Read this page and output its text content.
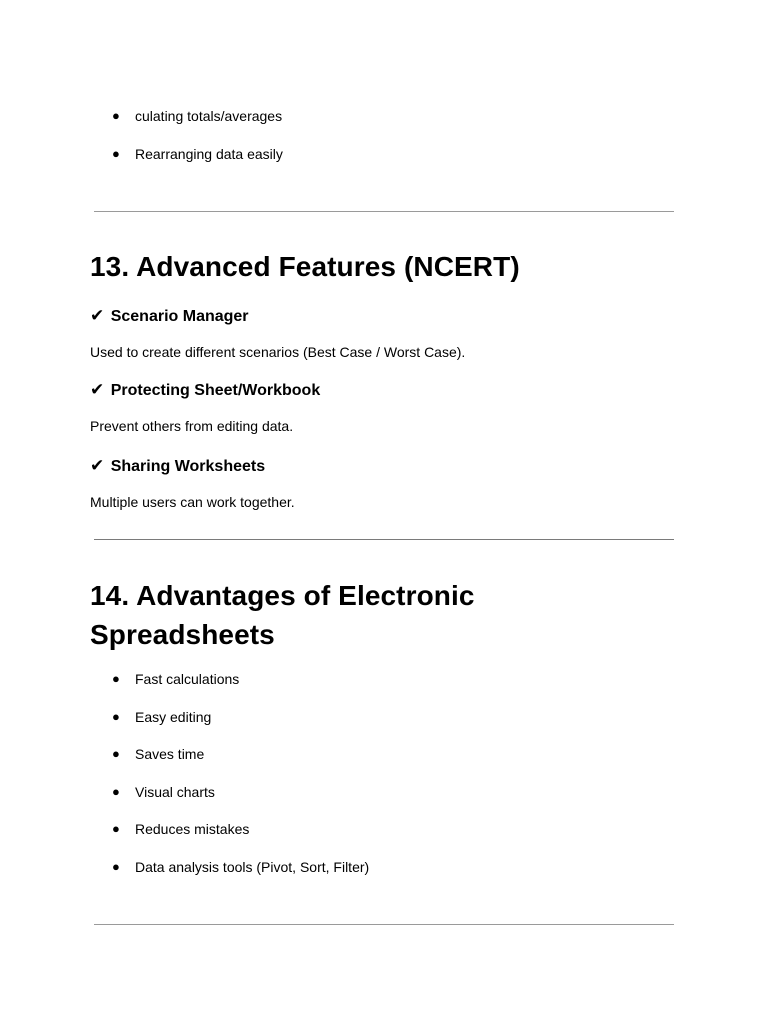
● culating totals/averages
● Rearranging data easily
13. Advanced Features (NCERT)
✔ Scenario Manager

Used to create different scenarios (Best Case / Worst Case).

✔ Protecting Sheet/Workbook

Prevent others from editing data.

✔ Sharing Worksheets

Multiple users can work together.

14. Advantages of Electronic Spreadsheets
● Fast calculations
● Easy editing
● Saves time
● Visual charts
● Reduces mistakes
● Data analysis tools (Pivot, Sort, Filter)
